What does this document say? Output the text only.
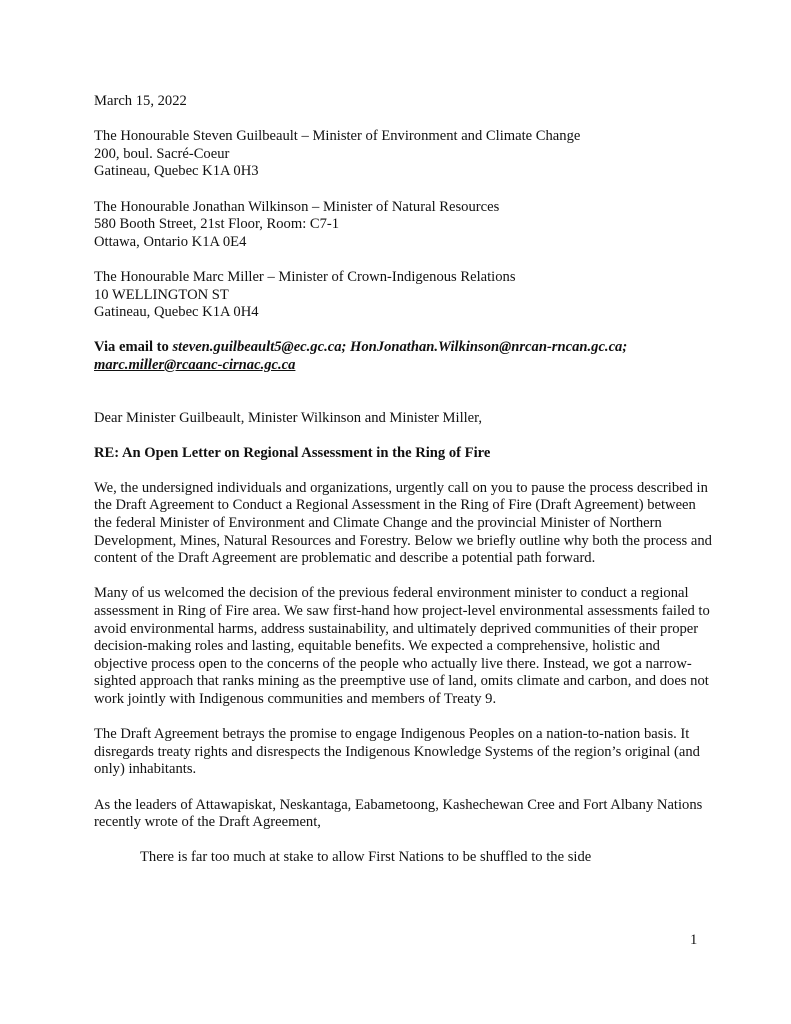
March 15, 2022

The Honourable Steven Guilbeault – Minister of Environment and Climate Change
200, boul. Sacré-Coeur
Gatineau, Quebec K1A 0H3
The Honourable Jonathan Wilkinson – Minister of Natural Resources
580 Booth Street, 21st Floor, Room: C7-1
Ottawa, Ontario K1A 0E4
The Honourable Marc Miller – Minister of Crown-Indigenous Relations
10 WELLINGTON ST
Gatineau, Quebec K1A 0H4

Via email to steven.guilbeault5@ec.gc.ca; HonJonathan.Wilkinson@nrcan-rncan.gc.ca;
marc.miller@rcaanc-cirnac.gc.ca

Dear Minister Guilbeault, Minister Wilkinson and Minister Miller,

RE: An Open Letter on Regional Assessment in the Ring of Fire

We, the undersigned individuals and organizations, urgently call on you to pause the process described in the Draft Agreement to Conduct a Regional Assessment in the Ring of Fire (Draft Agreement) between the federal Minister of Environment and Climate Change and the provincial Minister of Northern Development, Mines, Natural Resources and Forestry. Below we briefly outline why both the process and content of the Draft Agreement are problematic and describe a potential path forward.

Many of us welcomed the decision of the previous federal environment minister to conduct a regional assessment in Ring of Fire area. We saw first-hand how project-level environmental assessments failed to avoid environmental harms, address sustainability, and ultimately deprived communities of their proper decision-making roles and lasting, equitable benefits. We expected a comprehensive, holistic and objective process open to the concerns of the people who actually live there. Instead, we got a narrow-sighted approach that ranks mining as the preemptive use of land, omits climate and carbon, and does not work jointly with Indigenous communities and members of Treaty 9.

The Draft Agreement betrays the promise to engage Indigenous Peoples on a nation-to-nation basis. It disregards treaty rights and disrespects the Indigenous Knowledge Systems of the region’s original (and only) inhabitants.

As the leaders of Attawapiskat, Neskantaga, Eabametoong, Kashechewan Cree and Fort Albany Nations recently wrote of the Draft Agreement,

There is far too much at stake to allow First Nations to be shuffled to the side

1
